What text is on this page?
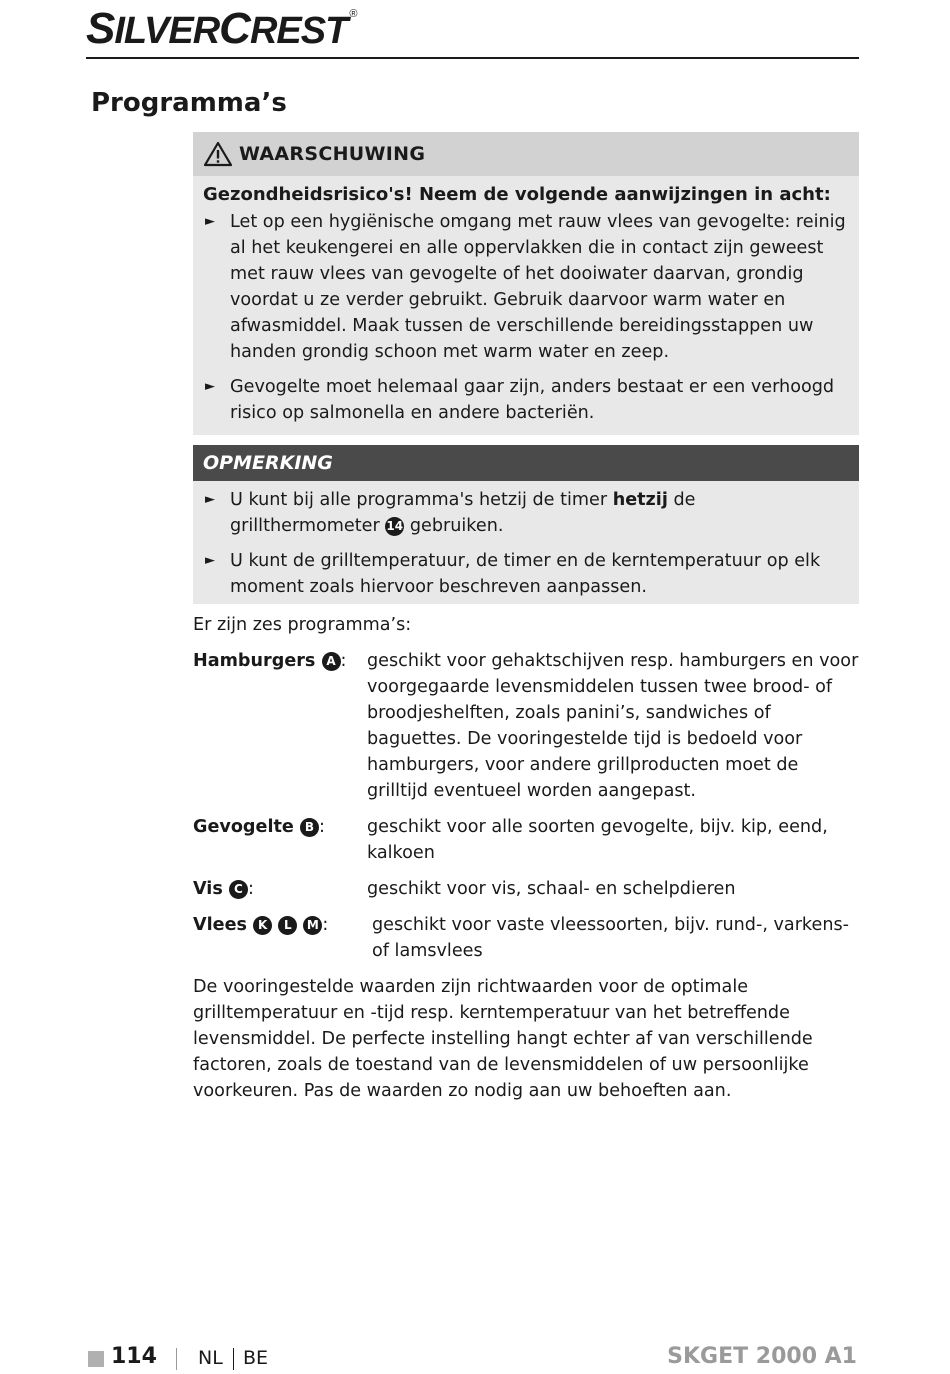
SILVERCREST ®
Programma’s
WAARSCHUWING
Gezondheidsrisico's! Neem de volgende aanwijzingen in acht:
► Let op een hygiënische omgang met rauw vlees van gevogelte: reinig al het keukengerei en alle oppervlakken die in contact zijn geweest met rauw vlees van gevogelte of het dooiwater daarvan, grondig voordat u ze verder gebruikt. Gebruik daarvoor warm water en afwasmiddel. Maak tussen de verschillende bereidingsstappen uw handen grondig schoon met warm water en zeep.
► Gevogelte moet helemaal gaar zijn, anders bestaat er een verhoogd risico op salmonella en andere bacteriën.
OPMERKING
► U kunt bij alle programma's hetzij de timer hetzij de grillthermometer 14 gebruiken.
► U kunt de grilltemperatuur, de timer en de kerntemperatuur op elk moment zoals hiervoor beschreven aanpassen.
Er zijn zes programma’s:
Hamburgers A :	geschikt voor gehaktschijven resp. hamburgers en voor voorgegaarde levensmiddelen tussen twee brood- of broodjeshelften, zoals panini’s, sandwiches of baguettes. De vooringestelde tijd is bedoeld voor hamburgers, voor andere grillproducten moet de grilltijd eventueel worden aangepast.
Gevogelte B :	geschikt voor alle soorten gevogelte, bijv. kip, eend, kalkoen
Vis C :	geschikt voor vis, schaal- en schelpdieren
Vlees K L M :	geschikt voor vaste vleessoorten, bijv. rund-, varkens- of lamsvlees
De vooringestelde waarden zijn richtwaarden voor de optimale grilltemperatuur en -tijd resp. kerntemperatuur van het betreffende levensmiddel. De perfecte instelling hangt echter af van verschillende factoren, zoals de toestand van de levensmiddelen of uw persoonlijke voorkeuren. Pas de waarden zo nodig aan uw behoeften aan.
114 NL BE	SKGET 2000 A1
